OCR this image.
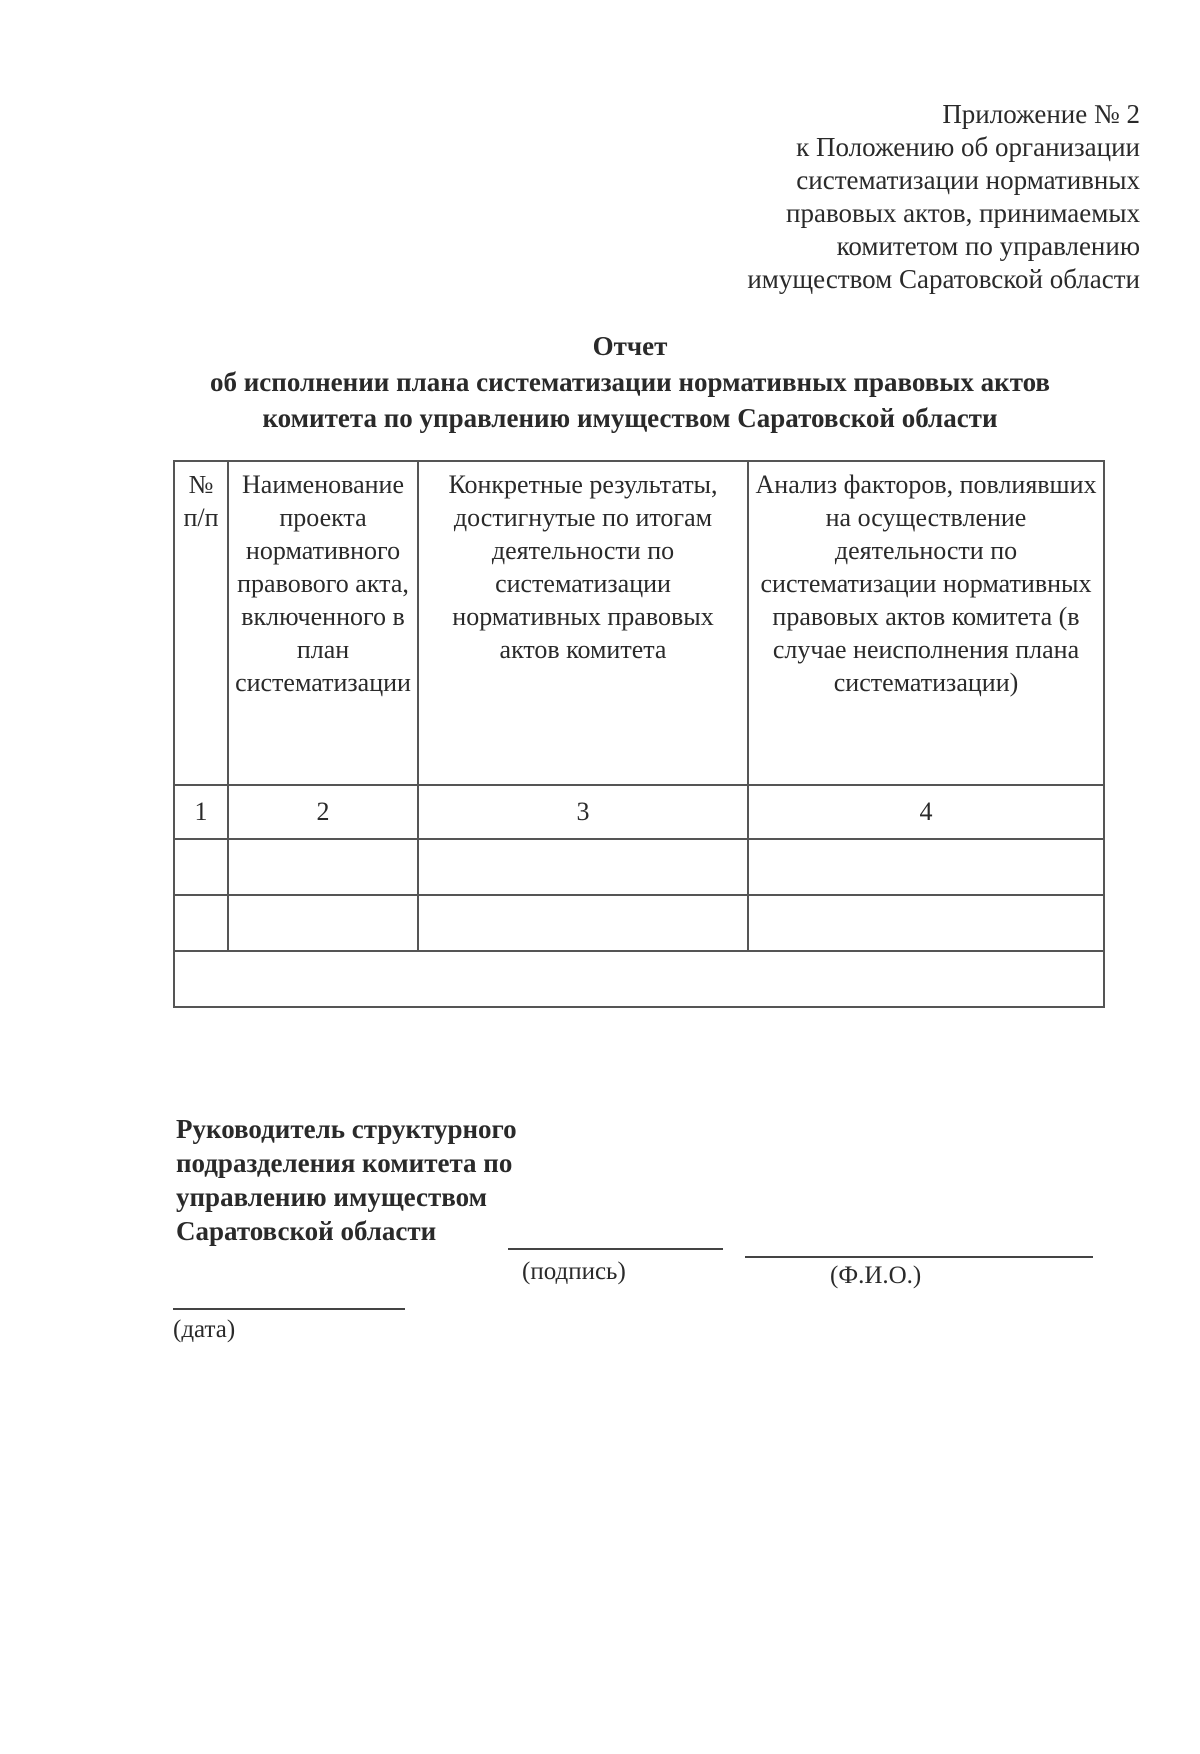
Приложение № 2
к Положению об организации
систематизации нормативных
правовых актов, принимаемых
комитетом по управлению
имуществом Саратовской области
Отчет
об исполнении плана систематизации нормативных правовых актов
комитета по управлению имуществом Саратовской области
№ п/п	Наименование проекта нормативного правового акта, включенного в план систематизации	Конкретные результаты, достигнутые по итогам деятельности по систематизации нормативных правовых актов комитета	Анализ факторов, повлиявших на осуществление деятельности по систематизации нормативных правовых актов комитета (в случае неисполнения плана систематизации)
1	2	3	4

Руководитель структурного
подразделения комитета по
управлению имуществом
Саратовской области
(подпись)	(Ф.И.О.)
(дата)
